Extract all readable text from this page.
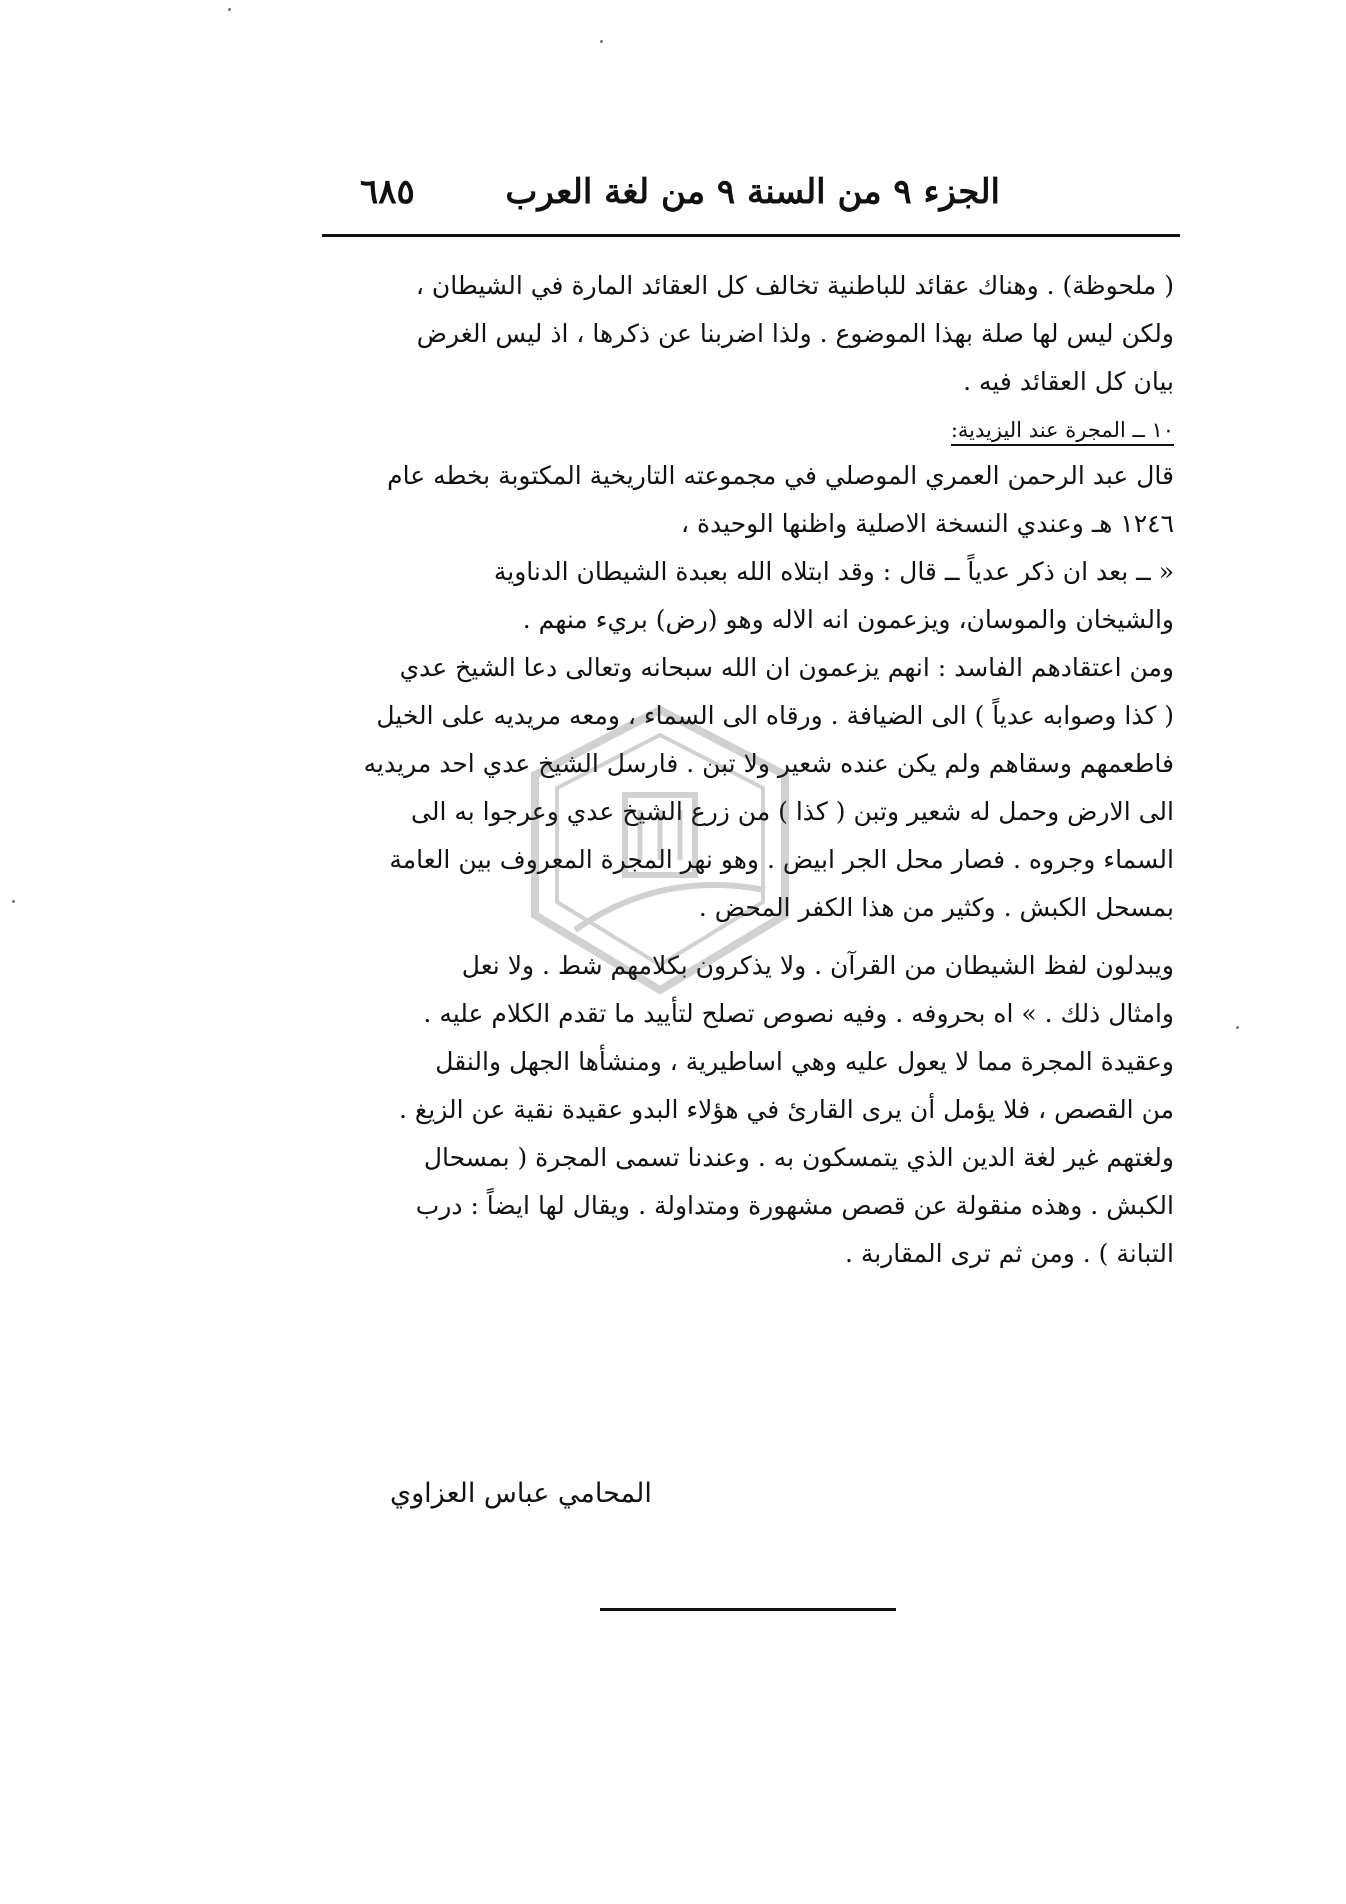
الجزء ٩ من السنة ٩ من لغة العرب
٦٨٥
( ملحوظة) . وهناك عقائد للباطنية تخالف كل العقائد المارة في الشيطان ،
ولكن ليس لها صلة بهذا الموضوع . ولذا اضربنا عن ذكرها ، اذ ليس الغرض
بيان كل العقائد فيه .
١٠ ــ المجرة عند اليزيدية:
قال عبد الرحمن العمري الموصلي في مجموعته التاريخية المكتوبة بخطه عام
١٢٤٦ هـ وعندي النسخة الاصلية واظنها الوحيدة ،
« ــ بعد ان ذكر عدياً ــ قال : وقد ابتلاه الله بعبدة الشيطان الدناوية
والشيخان والموسان، ويزعمون انه الاله وهو (رض) بريء منهم .
ومن اعتقادهم الفاسد : انهم يزعمون ان الله سبحانه وتعالى دعا الشيخ عدي
( كذا وصوابه عدياً ) الى الضيافة . ورقاه الى السماء ، ومعه مريديه على الخيل
فاطعمهم وسقاهم ولم يكن عنده شعير ولا تبن . فارسل الشيخ عدي احد مريديه
الى الارض وحمل له شعير وتبن ( كذا ) من زرع الشيخ عدي وعرجوا به الى
السماء وجروه . فصار محل الجر ابيض . وهو نهر المجرة المعروف بين العامة
بمسحل الكبش . وكثير من هذا الكفر المحض .
ويبدلون لفظ الشيطان من القرآن . ولا يذكرون بكلامهم شط . ولا نعل
وامثال ذلك . » اه بحروفه . وفيه نصوص تصلح لتأييد ما تقدم الكلام عليه .
وعقيدة المجرة مما لا يعول عليه وهي اساطيرية ، ومنشأها الجهل والنقل
من القصص ، فلا يؤمل أن يرى القارئ في هؤلاء البدو عقيدة نقية عن الزيغ .
ولغتهم غير لغة الدين الذي يتمسكون به . وعندنا تسمى المجرة ( بمسحال
الكبش . وهذه منقولة عن قصص مشهورة ومتداولة . ويقال لها ايضاً : درب
التبانة ) . ومن ثم ترى المقاربة .
المحامي عباس العزاوي
